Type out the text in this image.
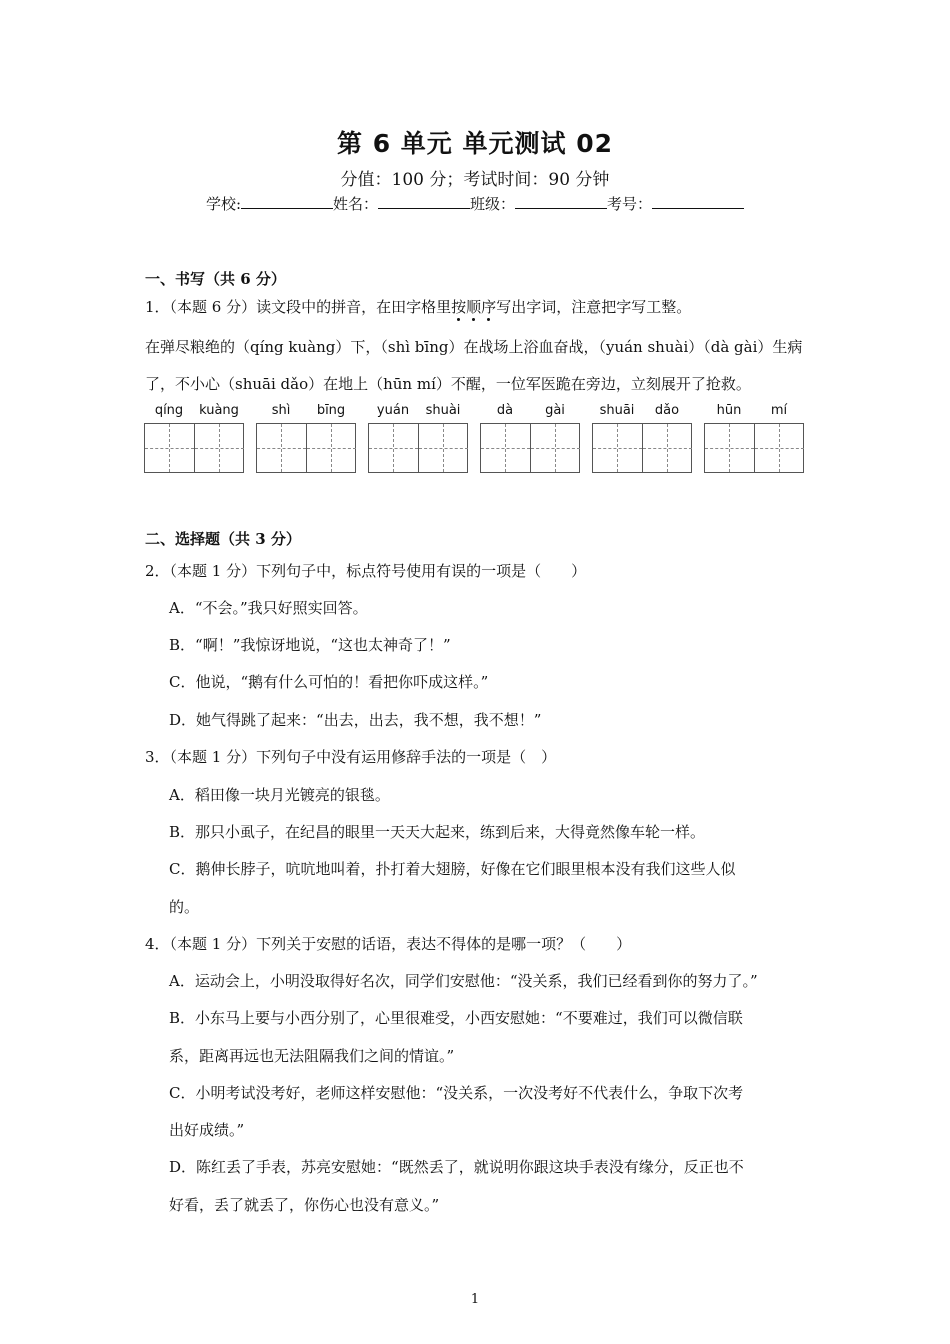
第 6 单元 单元测试 02
分值：100 分；考试时间：90 分钟
学校:	姓名：	班级：	考号：
一、书写（共 6 分）
1．（本题 6 分）读文段中的拼音，在田字格里按顺序写出字词，注意把字写工整。
在弹尽粮绝的（qíng kuàng）下，（shì bīng）在战场上浴血奋战，（yuán shuài）（dà gài）生病
了，不小心（shuāi dǎo）在地上（hūn mí）不醒，一位军医跪在旁边，立刻展开了抢救。
qíng	kuàng	shì	bīng	yuán	shuài	dà	gài	shuāi	dǎo	hūn	mí
二、选择题（共 3 分）
2．（本题 1 分）下列句子中，标点符号使用有误的一项是（　　）
A．“不会。”我只好照实回答。
B．“啊！”我惊讶地说，“这也太神奇了！”
C．他说，“鹅有什么可怕的！看把你吓成这样。”
D．她气得跳了起来：“出去，出去，我不想，我不想！”
3．（本题 1 分）下列句子中没有运用修辞手法的一项是（　）
A．稻田像一块月光镀亮的银毯。
B．那只小虱子，在纪昌的眼里一天天大起来，练到后来，大得竟然像车轮一样。
C．鹅伸长脖子，吭吭地叫着，扑打着大翅膀，好像在它们眼里根本没有我们这些人似
的。
4．（本题 1 分）下列关于安慰的话语，表达不得体的是哪一项？（　　）
A．运动会上，小明没取得好名次，同学们安慰他：“没关系，我们已经看到你的努力了。”
B．小东马上要与小西分别了，心里很难受，小西安慰她：“不要难过，我们可以微信联
系，距离再远也无法阻隔我们之间的情谊。”
C．小明考试没考好，老师这样安慰他：“没关系，一次没考好不代表什么，争取下次考
出好成绩。”
D．陈红丢了手表，苏亮安慰她：“既然丢了，就说明你跟这块手表没有缘分，反正也不
好看，丢了就丢了，你伤心也没有意义。”
1
